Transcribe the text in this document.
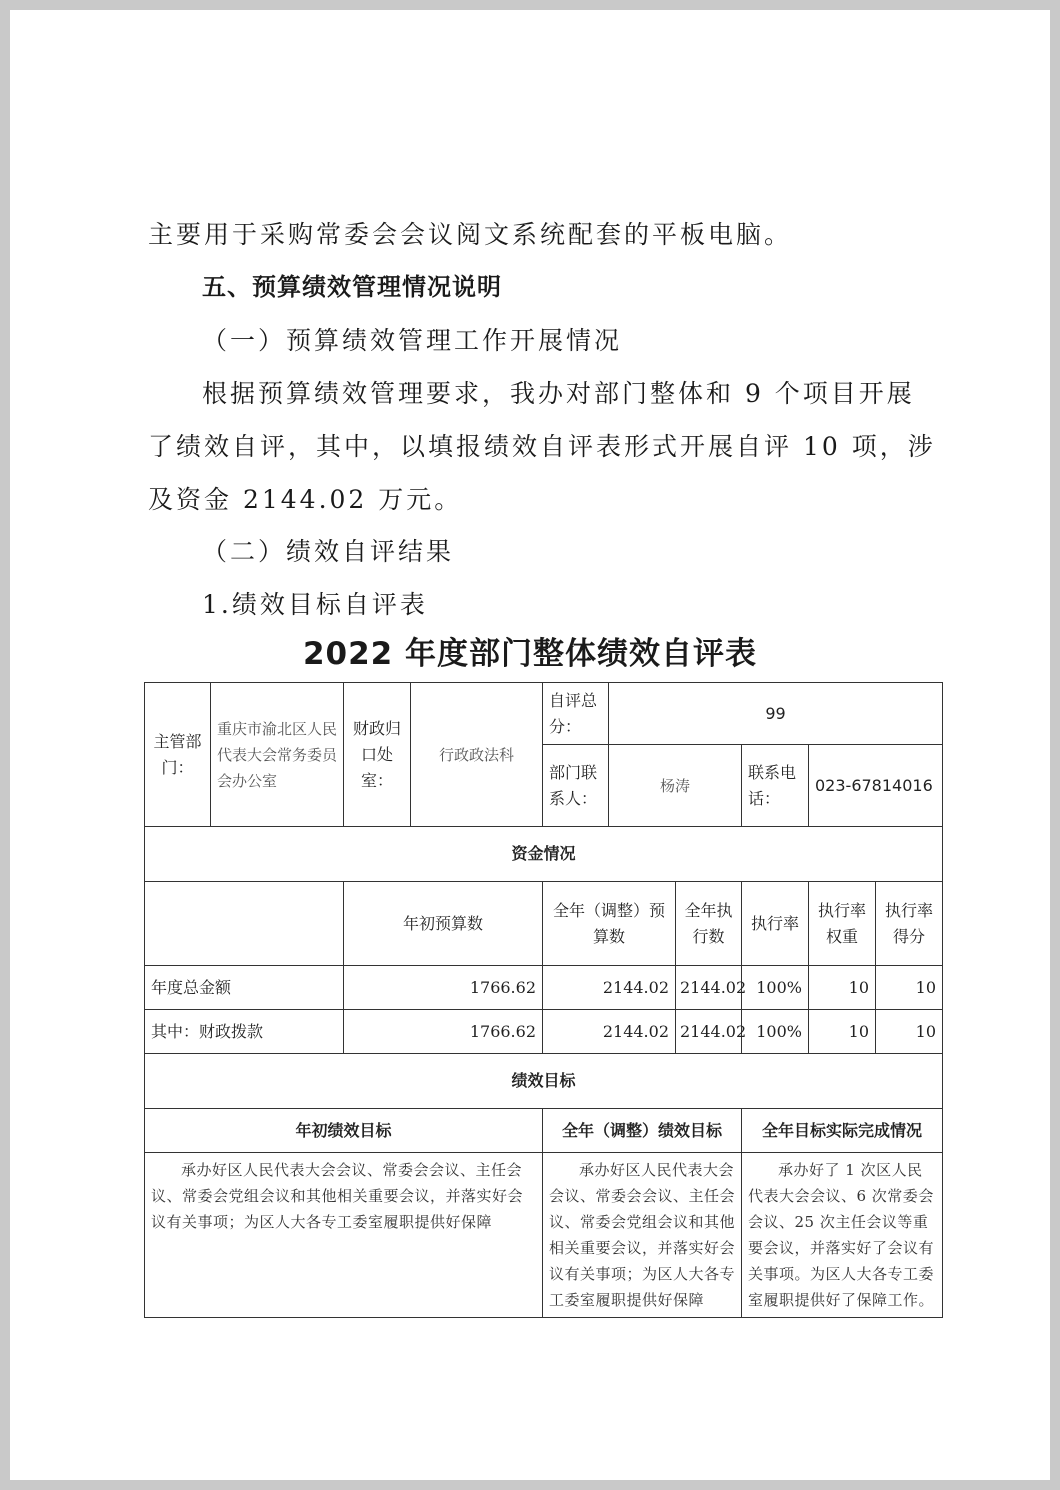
主要用于采购常委会会议阅文系统配套的平板电脑。

五、预算绩效管理情况说明

（一）预算绩效管理工作开展情况

根据预算绩效管理要求，我办对部门整体和 9 个项目开展了绩效自评，其中，以填报绩效自评表形式开展自评 10 项，涉及资金 2144.02 万元。

（二）绩效自评结果

1.绩效目标自评表

2022 年度部门整体绩效自评表
主管部门：	重庆市渝北区人民代表大会常务委员会办公室	财政归口处室：	行政政法科	自评总分：	99				
				部门联系人：	杨涛		联系电话：	023-67814016	
资金情况									
		年初预算数		全年（调整）预算数		全年执行数	执行率	执行率权重	执行率得分
年度总金额		1766.62		2144.02		2144.02	100%	10	10
其中：财政拨款		1766.62		2144.02		2144.02	100%	10	10
绩效目标									
年初绩效目标				全年（调整）绩效目标			全年目标实际完成情况		
承办好区人民代表大会会议、常委会会议、主任会议、常委会党组会议和其他相关重要会议，并落实好会议有关事项；为区人大各专工委室履职提供好保障				承办好区人民代表大会会议、常委会会议、主任会议、常委会党组会议和其他相关重要会议，并落实好会议有关事项；为区人大各专工委室履职提供好保障			承办好了 1 次区人民代表大会会议、6 次常委会会议、25 次主任会议等重要会议，并落实好了会议有关事项。为区人大各专工委室履职提供好了保障工作。		
